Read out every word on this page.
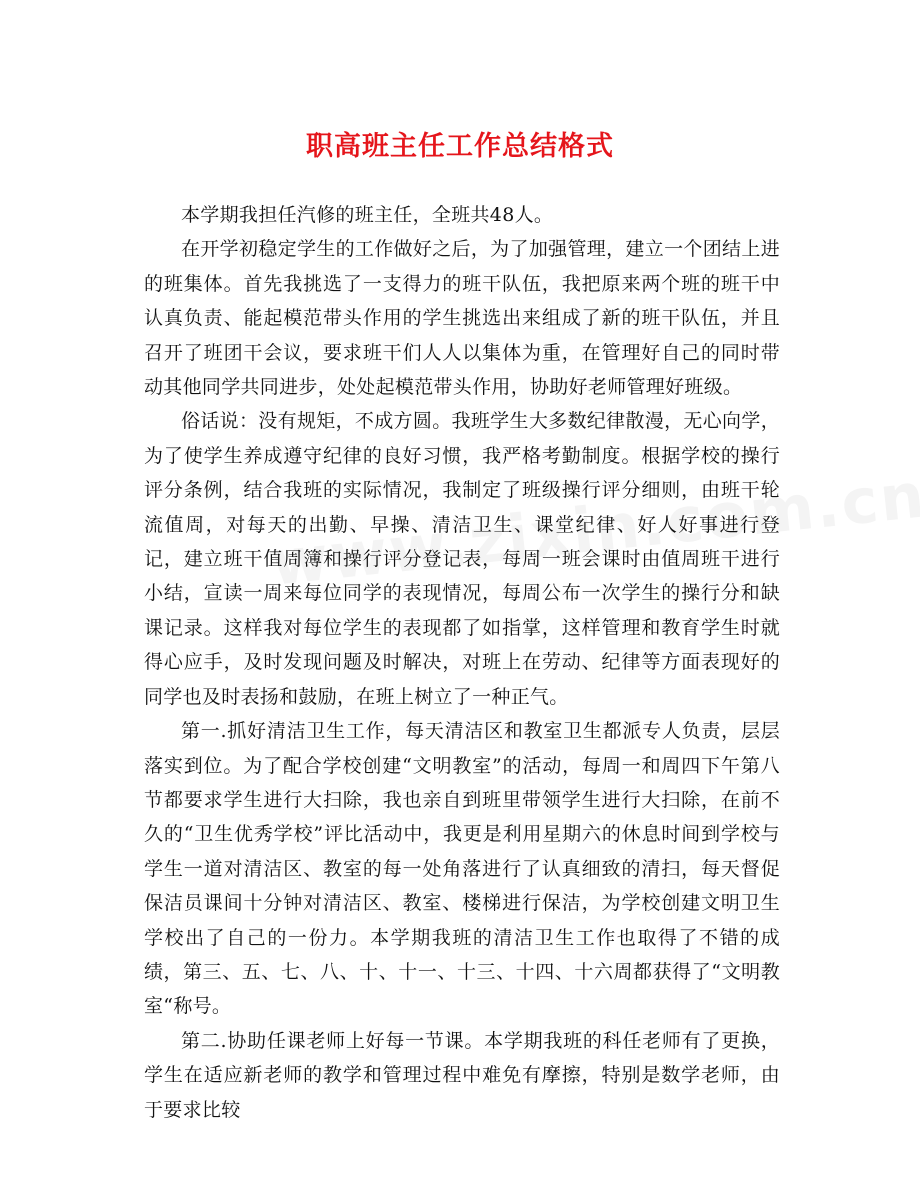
职高班主任工作总结格式

本学期我担任汽修的班主任，全班共48人。

在开学初稳定学生的工作做好之后，为了加强管理，建立一个团结上进的班集体。首先我挑选了一支得力的班干队伍，我把原来两个班的班干中认真负责、能起模范带头作用的学生挑选出来组成了新的班干队伍，并且召开了班团干会议，要求班干们人人以集体为重，在管理好自己的同时带动其他同学共同进步，处处起模范带头作用，协助好老师管理好班级。

俗话说：没有规矩，不成方圆。我班学生大多数纪律散漫，无心向学，为了使学生养成遵守纪律的良好习惯，我严格考勤制度。根据学校的操行评分条例，结合我班的实际情况，我制定了班级操行评分细则，由班干轮流值周，对每天的出勤、早操、清洁卫生、课堂纪律、好人好事进行登记，建立班干值周簿和操行评分登记表，每周一班会课时由值周班干进行小结，宣读一周来每位同学的表现情况，每周公布一次学生的操行分和缺课记录。这样我对每位学生的表现都了如指掌，这样管理和教育学生时就得心应手，及时发现问题及时解决，对班上在劳动、纪律等方面表现好的同学也及时表扬和鼓励，在班上树立了一种正气。

第一.抓好清洁卫生工作，每天清洁区和教室卫生都派专人负责，层层落实到位。为了配合学校创建“文明教室”的活动，每周一和周四下午第八节都要求学生进行大扫除，我也亲自到班里带领学生进行大扫除，在前不久的“卫生优秀学校”评比活动中，我更是利用星期六的休息时间到学校与学生一道对清洁区、教室的每一处角落进行了认真细致的清扫，每天督促保洁员课间十分钟对清洁区、教室、楼梯进行保洁，为学校创建文明卫生学校出了自己的一份力。本学期我班的清洁卫生工作也取得了不错的成绩，第三、五、七、八、十、十一、十三、十四、十六周都获得了“文明教室“称号。

第二.协助任课老师上好每一节课。本学期我班的科任老师有了更换，学生在适应新老师的教学和管理过程中难免有摩擦，特别是数学老师，由于要求比较
